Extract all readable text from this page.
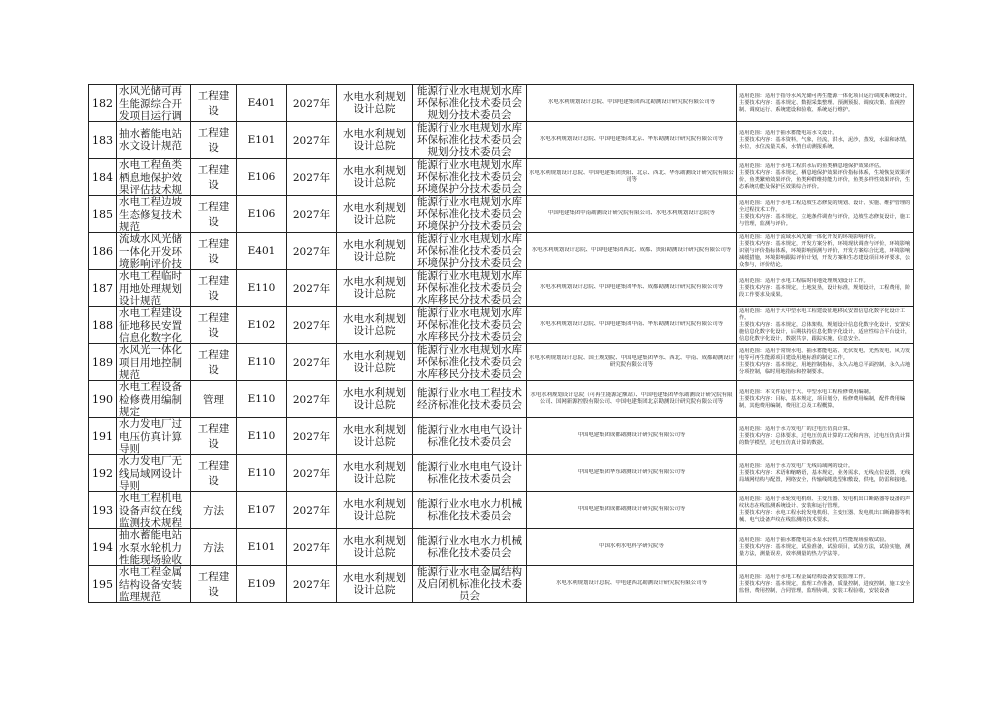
182	水风光储可再生能源综合开发项目运行调	工程建设	E401	2027年	水电水利规划设计总院	能源行业水电规划水库环保标准化技术委员会规划分技术委员会	水电水利规划设计总院、中国电建集团西北勘测设计研究院有限公司等	适用范围：适用于指导水风光储可再生能源一体化项目运行调度系统设计。
主要技术内容：基本规定、数据采集整理、预测预报、调度决策、监视控制、调度运行、系统建设和验收、系统运行维护。

183	抽水蓄能电站水文设计规范	工程建设	E101	2027年	水电水利规划设计总院	能源行业水电规划水库环保标准化技术委员会规划分技术委员会	水电水利规划设计总院、中国电建集团北京、华东勘测设计研究院有限公司等	适用范围：适用于抽水蓄能电站水文设计。
主要技术内容：基本资料，气象，径流，洪水，泥沙，蒸发，水温和冰情，水位，水位流量关系，水情自动测报系统。

184	水电工程鱼类栖息地保护效果评估技术规	工程建设	E106	2027年	水电水利规划设计总院	能源行业水电规划水库环保标准化技术委员会环境保护分技术委员会	水电水利规划设计总院、中国电建集团贵阳、北京、西北、华东勘测设计研究院有限公司等	适用范围：适用于水电工程洪水后的鱼类栖息地保护效果评估。
主要技术内容：基本规定，栖息地保护效果评价指标体系，生境恢复效果评价，鱼类繁殖效果评价，鱼类种群维持能力评价，鱼类多样性效果评价，生态系统功能及保护区效果综合评价。

185	水电工程边坡生态修复技术规范	工程建设	E106	2027年	水电水利规划设计总院	能源行业水电规划水库环保标准化技术委员会环境保护分技术委员会	中国电建集团中南勘测设计研究院有限公司、水电水利规划设计总院等	适用范围：适用于水电工程边坡生态修复的规划、设计、实施、维护管理的全过程技术工作。
主要技术内容：基本规定，立地条件调查与评价，边坡生态修复设计，施工与管理，监测与评价。

186	流域水风光储一体化开发环境影响评价技	工程建设	E401	2027年	水电水利规划设计总院	能源行业水电规划水库环保标准化技术委员会环境保护分技术委员会	水电水利规划设计总院、中国电建集团西北、成都、贵阳勘测设计研究院有限公司等	适用范围：适用于流域水风光储一体化开发的环境影响评价。
主要技术内容：基本规定，开发方案分析，环境现状调查与评价，环境影响识别与评价指标体系，环境影响预测与评价，开发方案综合比选，环境影响减缓措施，环境影响跟踪评价计划，开发方案和生态建设项目环评要求，公众参与，评价结论。

187	水电工程临时用地处理规划设计规范	工程建设	E110	2027年	水电水利规划设计总院	能源行业水电规划水库环保标准化技术委员会水库移民分技术委员会	水电水利规划设计总院、中国电建集团华东、成都勘测设计研究院有限公司等	适用范围：适用于水电工程临时用地处理规划设计工作。
主要技术内容：基本规定，土地复垦，设计标准，规划设计，工程费用，阶段工作要求及成果。

188	水电工程建设征地移民安置信息化数字化	工程建设	E102	2027年	水电水利规划设计总院	能源行业水电规划水库环保标准化技术委员会水库移民分技术委员会	水电水利规划设计总院、中国电建集团中南、华东勘测设计研究院有限公司等	适用范围：适用于大中型水电工程建设征地移民安置信息化数字化设计工作。
主要技术内容：基本规定，总体架构，规划设计信息化数字化设计，安置实施信息化数字化设计，后期扶持信息化数字化设计，适应性综合平台设计，信息化数字化设计，数据共享，跟踪实施，信息安全。

189	水风光一体化项目用地控制规范	工程建设	E110	2027年	水电水利规划设计总院	能源行业水电规划水库环保标准化技术委员会水库移民分技术委员会	水电水利规划设计总院、国土规划院、中国电建集团华东、西北、中南、成都勘测设计研究院有限公司等	适用范围：适用于常规水电、抽水蓄能电站、光伏发电、光热发电、风力发电等可再生能源项目建设用地标准的制定工作。
主要技术内容：基本规定，用地控制指标，永久占地总平面控制，永久占地分项控制，临时用地指标和控制要求。

190	水电工程设备检修费用编制规定	管理	E110	2027年	水电水利规划设计总院	能源行业水电工程技术经济标准化技术委员会	水电水利规划设计总院（可再生能源定额站）、中国电建集团华东勘测设计研究院有限公司、国网新源控股有限公司、中国电建集团北京勘测设计研究院有限公司等	适用范围：本文件适用于大、中型水电工程检修费用编制。
主要技术内容：目标，基本规定，项目划分，检修费用编制，配件费用编制，其他费用编制，费用汇总及工程概算。

191	水力发电厂过电压仿真计算导则	工程建设	E110	2027年	水电水利规划设计总院	能源行业水电电气设计标准化技术委员会	中国电建集团成都勘测设计研究院有限公司等	适用范围：适用于水力发电厂的过电压仿真计算。
主要技术内容：总体要求，过电压仿真计算的工况和内容，过电压仿真计算的数学模型，过电压仿真计算的数据。

192	水力发电厂无线局域网设计导则	工程建设	E110	2027年	水电水利规划设计总院	能源行业水电电气设计标准化技术委员会	中国电建集团华东勘测设计研究院有限公司等	适用范围：适用于水力发电厂无线局域网的设计。
主要技术内容：术语和缩略语，基本规定，业务需求，无线点位设置，无线局域网结构与配置，网络安全，传输线缆选型和敷设，供电，防雷和接地。

193	水电工程机电设备声纹在线监测技术规程	方法	E107	2027年	水电水利规划设计总院	能源行业水电水力机械标准化技术委员会	中国电建集团成都勘测设计研究院有限公司等	适用范围：适用于水轮发电机组、主变压器、发电机出口断路器等设备的声纹状态在线监测系统设计、安装和运行管理。
主要技术内容：水电工程水轮发电机组、主变压器、发电机出口断路器等机械、电气设备声纹在线监测的技术要求。

194	抽水蓄能电站水泵水轮机力性能现场验收	方法	E101	2027年	水电水利规划设计总院	能源行业水电水力机械标准化技术委员会	中国水利水电科学研究院等	适用范围：适用于抽水蓄能电站水泵水轮机力性能现场验收试验。
主要技术内容：基本规定，试验准备，试验项目，试验方法，试验实施，测量方法，测量误差，效率测量的热力学法等。

195	水电工程金属结构设备安装监理规范	工程建设	E109	2027年	水电水利规划设计总院	能源行业水电金属结构及启闭机标准化技术委员会	水电水利规划设计总院、中电建西北勘测设计研究院有限公司等	适用范围：适用于水电工程金属结构设备安装监理工作。
主要技术内容：基本规定，监理工作准备，质量控制，进度控制，施工安全监督，费用控制，合同管理，监理协调，安装工程验收，安装设备
